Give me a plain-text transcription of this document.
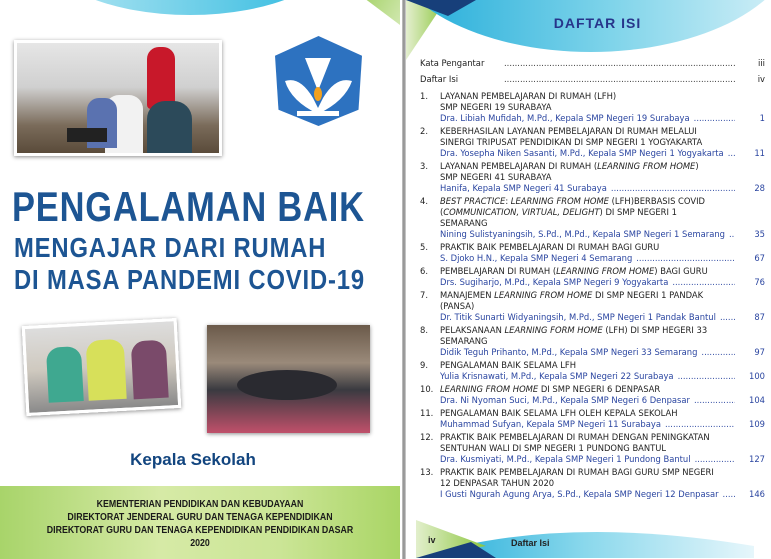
PENGALAMAN BAIK
MENGAJAR DARI RUMAH
DI MASA PANDEMI COVID-19
Kepala Sekolah
KEMENTERIAN PENDIDIKAN DAN KEBUDAYAAN
DIREKTORAT JENDERAL GURU DAN TENAGA KEPENDIDIKAN
DIREKTORAT GURU DAN TENAGA KEPENDIDIKAN PENDIDIKAN DASAR
2020
DAFTAR ISI
Kata Pengantar .....	iii
Daftar Isi .....	iv
1. LAYANAN PEMBELAJARAN DI RUMAH (LFH)
SMP NEGERI 19 SURABAYA
Dra. Libiah Mufidah, M.Pd., Kepala SMP Negeri 19 Surabaya .....	1
2. KEBERHASILAN LAYANAN PEMBELAJARAN DI RUMAH MELALUI
SINERGI TRIPUSAT PENDIDIKAN DI SMP NEGERI 1 YOGYAKARTA
Dra. Yosepha Niken Sasanti, M.Pd., Kepala SMP Negeri 1 Yogyakarta .....	11
3. LAYANAN PEMBELAJARAN DI RUMAH (LEARNING FROM HOME)
SMP NEGERI 41 SURABAYA
Hanifa, Kepala SMP Negeri 41 Surabaya .....	28
4. BEST PRACTICE: LEARNING FROM HOME (LFH)BERBASIS COVID
(COMMUNICATION, VIRTUAL, DELIGHT) DI SMP NEGERI 1
SEMARANG
Nining Sulistyaningsih, S.Pd., M.Pd., Kepala SMP Negeri 1 Semarang .....	35
5. PRAKTIK BAIK PEMBELAJARAN DI RUMAH BAGI GURU
S. Djoko H.N., Kepala SMP Negeri 4 Semarang .....	67
6. PEMBELAJARAN DI RUMAH (LEARNING FROM HOME) BAGI GURU
Drs. Sugiharjo, M.Pd., Kepala SMP Negeri 9 Yogyakarta .....	76
7. MANAJEMEN LEARNING FROM HOME DI SMP NEGERI 1 PANDAK
(PANSA)
Dr. Titik Sunarti Widyaningsih, M.Pd., SMP Negeri 1 Pandak Bantul .....	87
8. PELAKSANAAN LEARNING FORM HOME (LFH) DI SMP HEGERI 33
SEMARANG
Didik Teguh Prihanto, M.Pd., Kepala SMP Negeri 33 Semarang .....	97
9. PENGALAMAN BAIK SELAMA LFH
Yulia Krisnawati, M.Pd., Kepala SMP Negeri 22 Surabaya .....	100
10. LEARNING FROM HOME DI SMP NEGERI 6 DENPASAR
Dra. Ni Nyoman Suci, M.Pd., Kepala SMP Negeri 6 Denpasar .....	104
11. PENGALAMAN BAIK SELAMA LFH OLEH KEPALA SEKOLAH
Muhammad Sufyan, Kepala SMP Negeri 11 Surabaya .....	109
12. PRAKTIK BAIK PEMBELAJARAN DI RUMAH DENGAN PENINGKATAN
SENTUHAN WALI DI SMP NEGERI 1 PUNDONG BANTUL
Dra. Kusmiyati, M.Pd., Kepala SMP Negeri 1 Pundong Bantul .....	127
13. PRAKTIK BAIK PEMBELAJARAN DI RUMAH BAGI GURU SMP NEGERI
12 DENPASAR TAHUN 2020
I Gusti Ngurah Agung Arya, S.Pd., Kepala SMP Negeri 12 Denpasar .....	146
iv	Daftar Isi
